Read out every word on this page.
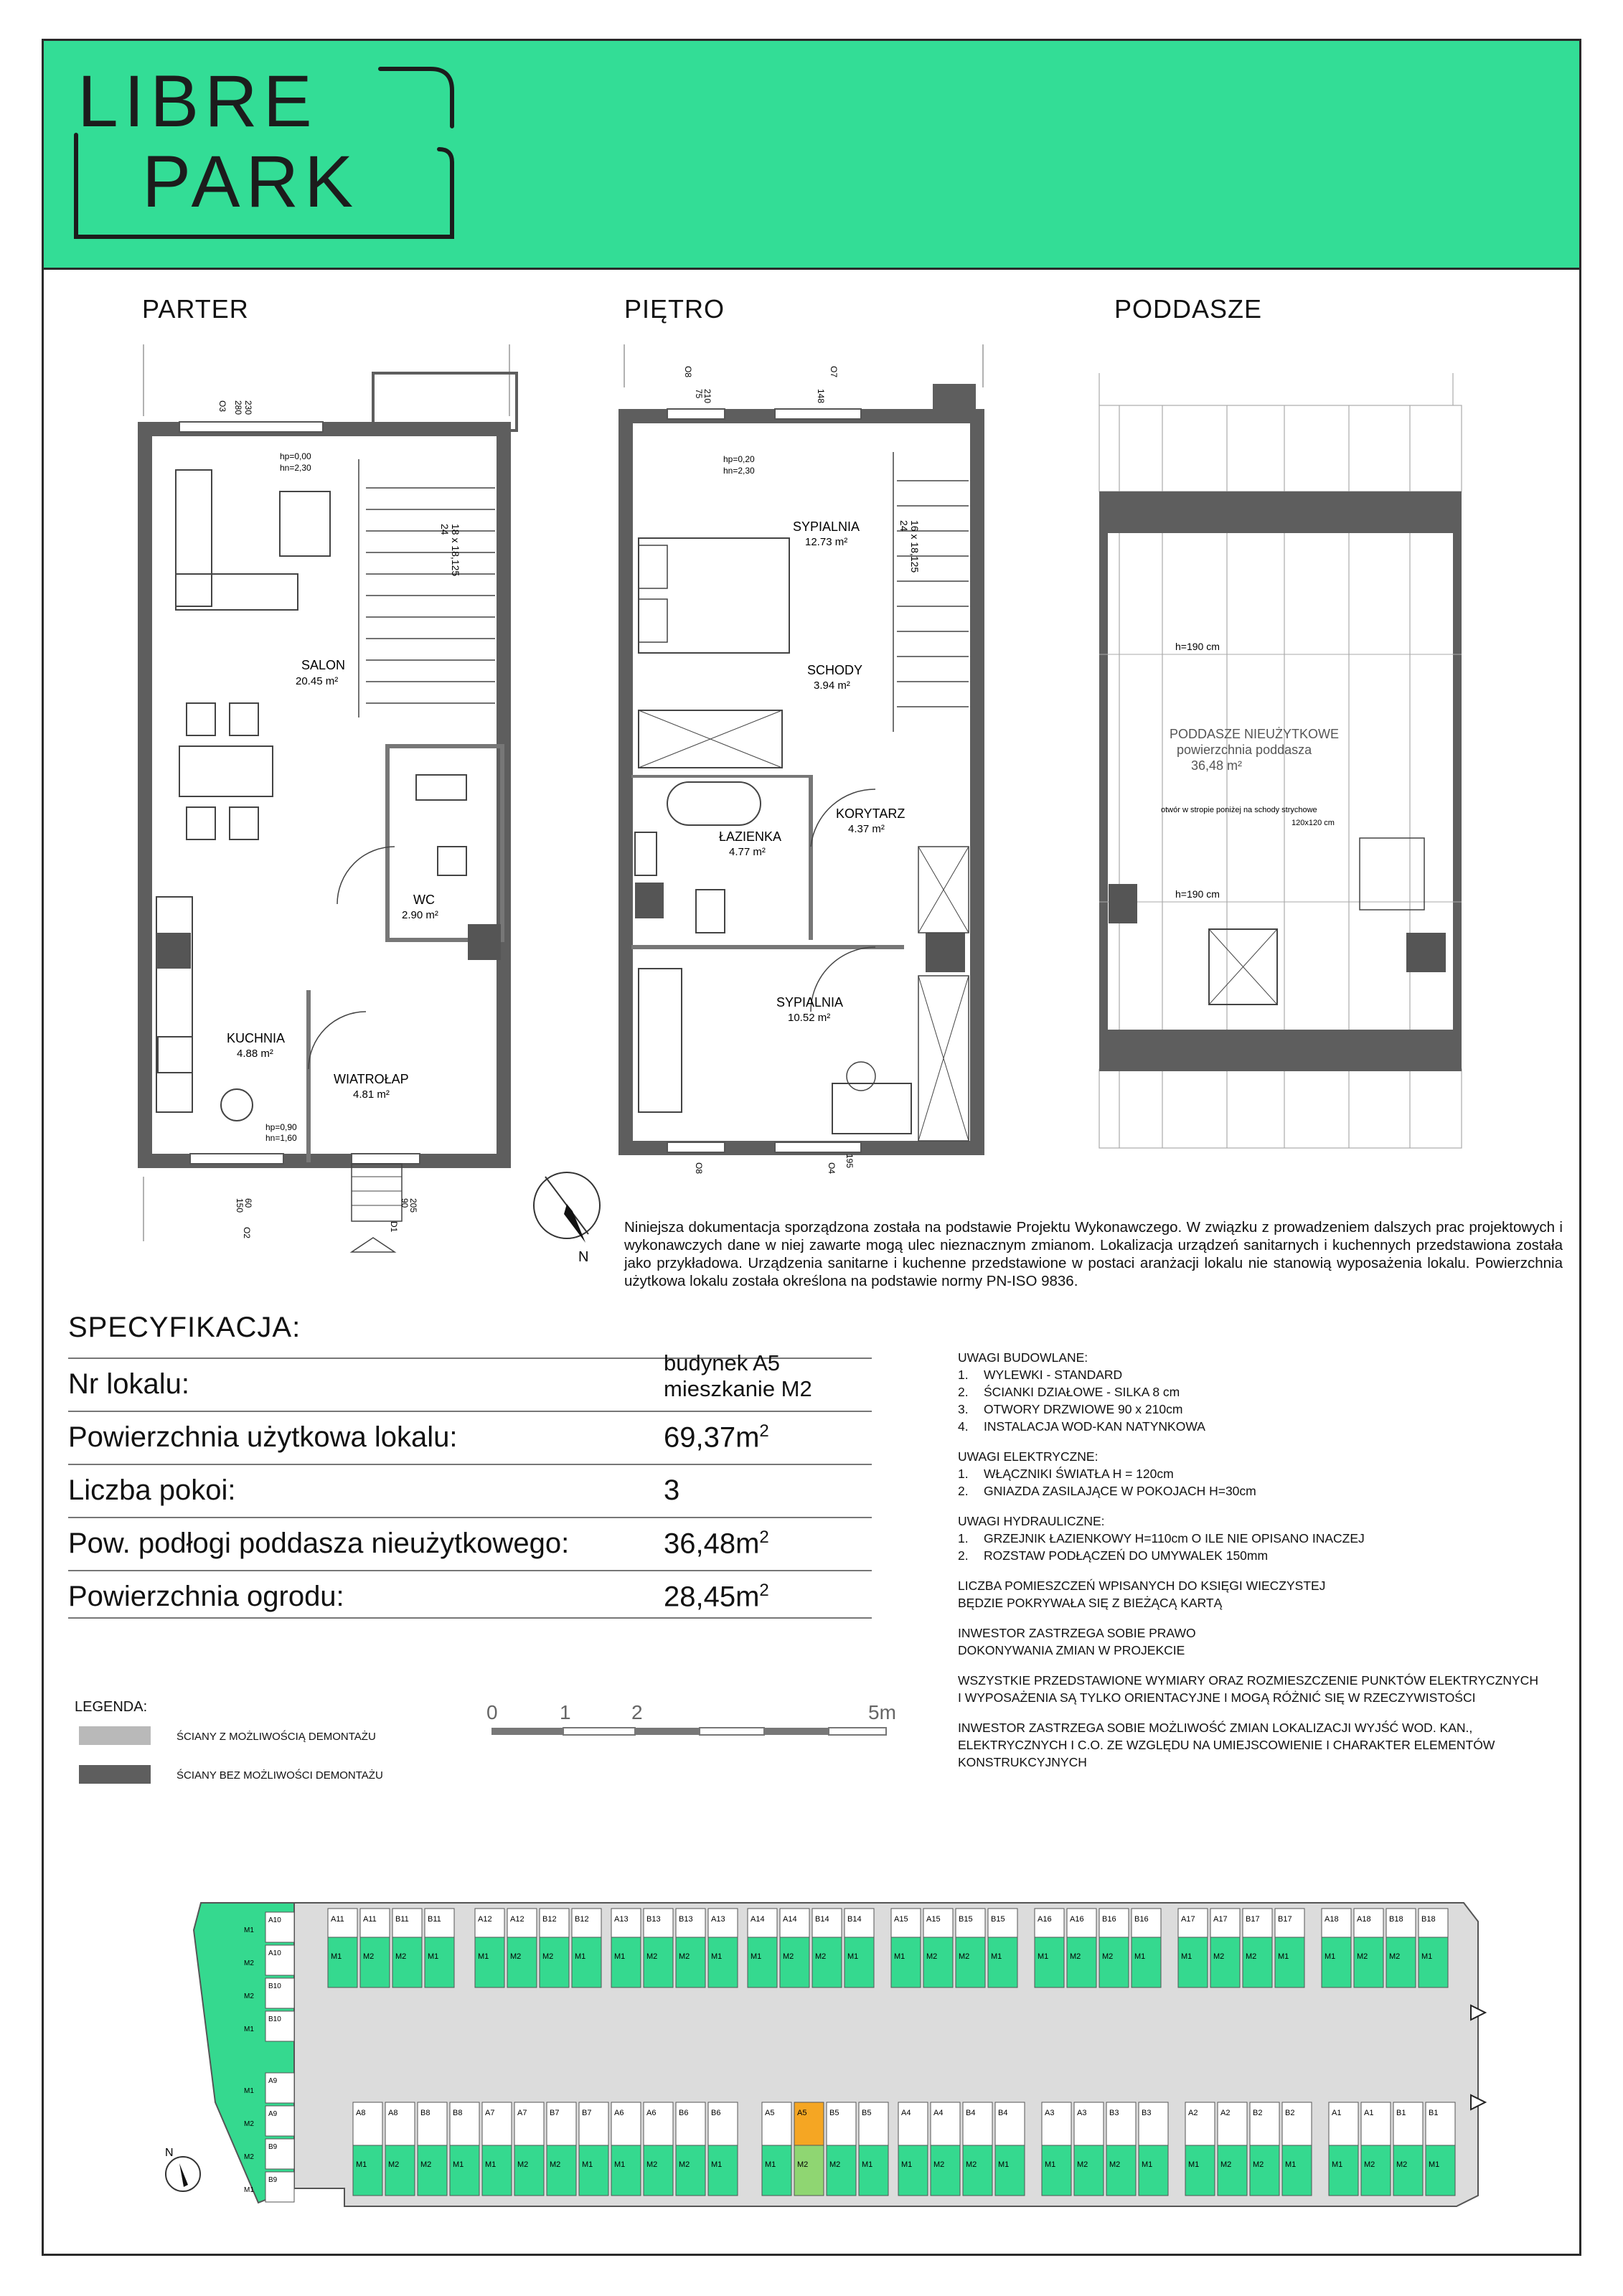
LIBRE
PARK
PARTER	PIĘTRO	PODDASZE
SALON
20.45 m²
WC
2.90 m²
KUCHNIA
4.88 m²
WIATROŁAP
4.81 m²
hp=0,00
hn=2,30
hp=0,90
hn=1,60
O3 280 230
18 x 18,125
24
150
60
O2
90
205
D1
SYPIALNIA
12.73 m²
SCHODY
3.94 m²
ŁAZIENKA
4.77 m²
KORYTARZ
4.37 m²
SYPIALNIA
10.52 m²
hp=0,20
hn=2,30
O8
75
210
O7
148
16 x 18,125
24
O8	O4 195
h=190 cm
h=190 cm
PODDASZE NIEUŻYTKOWE
powierzchnia poddasza
36,48 m²
otwór w stropie poniżej na schody strychowe
120x120 cm
N
Niniejsza dokumentacja sporządzona została na podstawie Projektu Wykonawczego. W związku z prowadzeniem dalszych prac projektowych i wykonawczych dane w niej zawarte mogą ulec nieznacznym zmianom. Lokalizacja urządzeń sanitarnych i kuchennych przedstawiona została jako przykładowa. Urządzenia sanitarne i kuchenne przedstawione w postaci aranżacji lokalu nie stanowią wyposażenia lokalu. Powierzchnia użytkowa lokalu została określona na podstawie normy PN-ISO 9836.
SPECYFIKACJA:
Nr lokalu:
budynek A5
mieszkanie M2
Powierzchnia użytkowa lokalu:	$69,37m^2$
Liczba pokoi:	3
Pow. podłogi poddasza nieużytkowego:	$36,48m^2$
Powierzchnia ogrodu:	$28,45m^2$
UWAGI BUDOWLANE:
1. WYLEWKI - STANDARD
2. ŚCIANKI DZIAŁOWE - SILKA 8 cm
3. OTWORY DRZWIOWE 90 x 210cm
4. INSTALACJA WOD-KAN NATYNKOWA
UWAGI ELEKTRYCZNE:
1. WŁĄCZNIKI ŚWIATŁA H = 120cm
2. GNIAZDA ZASILAJĄCE W POKOJACH H=30cm
UWAGI HYDRAULICZNE:
1. GRZEJNIK ŁAZIENKOWY H=110cm O ILE NIE OPISANO INACZEJ
2. ROZSTAW PODŁĄCZEŃ DO UMYWALEK 150mm
LICZBA POMIESZCZEŃ WPISANYCH DO KSIĘGI WIECZYSTEJ
BĘDZIE POKRYWAŁA SIĘ Z BIEŻĄCĄ KARTĄ
INWESTOR ZASTRZEGA SOBIE PRAWO
DOKONYWANIA ZMIAN W PROJEKCIE
WSZYSTKIE PRZEDSTAWIONE WYMIARY ORAZ ROZMIESZCZENIE PUNKTÓW ELEKTRYCZNYCH
I WYPOSAŻENIA SĄ TYLKO ORIENTACYJNE I MOGĄ RÓŻNIĆ SIĘ W RZECZYWISTOŚCI
INWESTOR ZASTRZEGA SOBIE MOŻLIWOŚĆ ZMIAN LOKALIZACJI WYJŚĆ WOD. KAN.,
ELEKTRYCZNYCH I C.O. ZE WZGLĘDU NA UMIEJSCOWIENIE I CHARAKTER ELEMENTÓW
KONSTRUKCYJNYCH
LEGENDA:
ŚCIANY Z MOŻLIWOŚCIĄ DEMONTAŻU
ŚCIANY BEZ MOŻLIWOŚCI DEMONTAŻU
0	1	2	5m
A11
M1
A11
M2
B11
M2
B11
M1
A12
M1
A12
M2
B12
M2
B12
M1
A13
M1
B13
M2
B13
M2
A13
M1
A14
M1
A14
M2
B14
M2
B14
M1
A15
M1
A15
M2
B15
M2
B15
M1
A16
M1
A16
M2
B16
M2
B16
M1
A17
M1
A17
M2
B17
M2
B17
M1
A18
M1
A18
M2
B18
M2
B18
M1
A8
M1
A8
M2
B8
M2
B8
M1
A7
M1
A7
M2
B7
M2
B7
M1
A6
M1
A6
M2
B6
M2
B6
M1
A5
M1
A5
M2
B5
M2
B5
M1
A4
M1
A4
M2
B4
M2
B4
M1
A3
M1
A3
M2
B3
M2
B3
M1
A2
M1
A2
M2
B2
M2
B2
M1
A1
M1
A1
M2
B1
M2
B1
M1
A10
M1
A10
M2
B10
M2
B10
M1
A9
M1
A9
M2
B9
M2
B9
M1
N
